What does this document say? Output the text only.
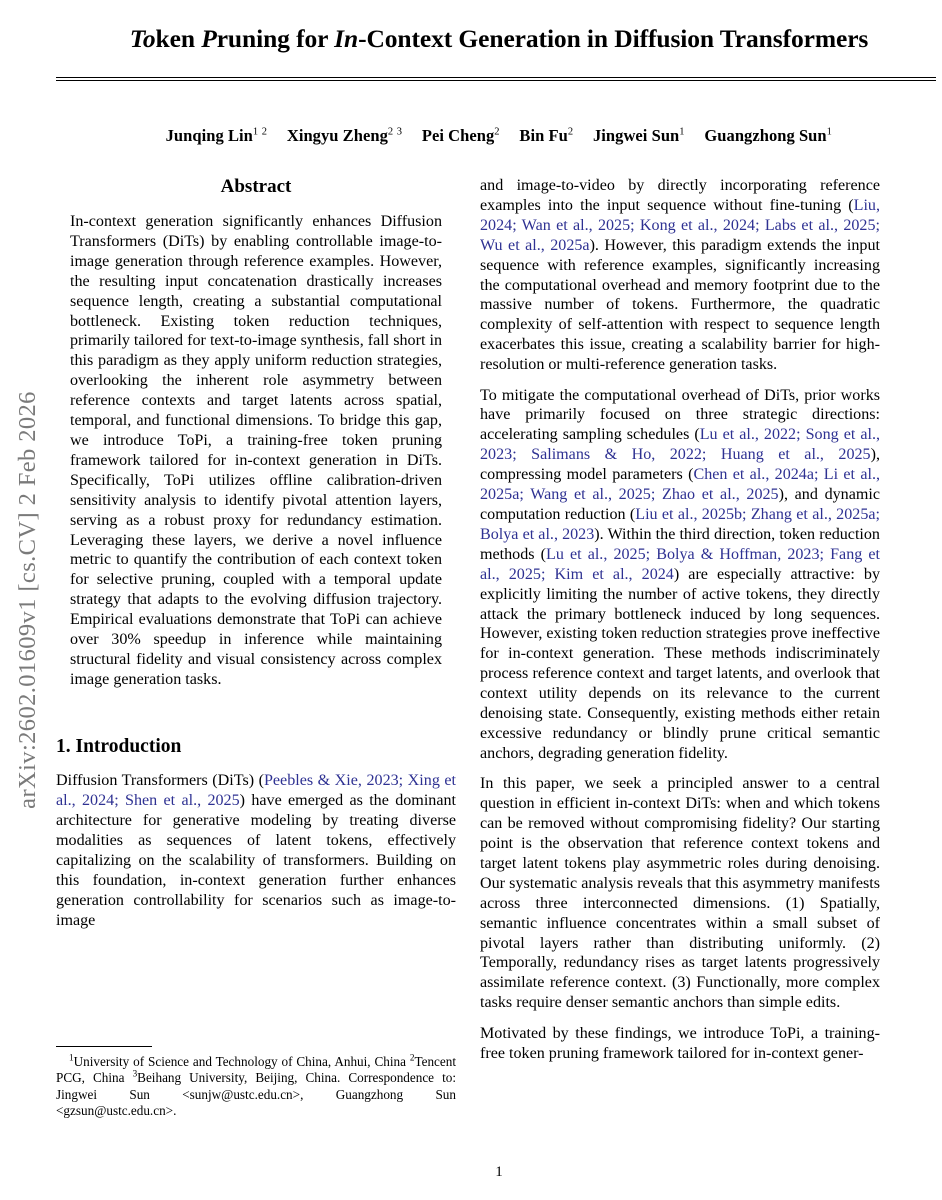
arXiv:2602.01609v1 [cs.CV] 2 Feb 2026
Token Pruning for In-Context Generation in Diffusion Transformers
Junqing Lin$^{1 2}$ Xingyu Zheng$^{2 3}$ Pei Cheng$^2$ Bin Fu$^2$ Jingwei Sun$^1$ Guangzhong Sun$^1$
Abstract

In-context generation significantly enhances Diffusion Transformers (DiTs) by enabling controllable image-to-image generation through reference examples. However, the resulting input concatenation drastically increases sequence length, creating a substantial computational bottleneck. Existing token reduction techniques, primarily tailored for text-to-image synthesis, fall short in this paradigm as they apply uniform reduction strategies, overlooking the inherent role asymmetry between reference contexts and target latents across spatial, temporal, and functional dimensions. To bridge this gap, we introduce ToPi, a training-free token pruning framework tailored for in-context generation in DiTs. Specifically, ToPi utilizes offline calibration-driven sensitivity analysis to identify pivotal attention layers, serving as a robust proxy for redundancy estimation. Leveraging these layers, we derive a novel influence metric to quantify the contribution of each context token for selective pruning, coupled with a temporal update strategy that adapts to the evolving diffusion trajectory. Empirical evaluations demonstrate that ToPi can achieve over 30% speedup in inference while maintaining structural fidelity and visual consistency across complex image generation tasks.

1. Introduction

Diffusion Transformers (DiTs) (Peebles & Xie, 2023; Xing et al., 2024; Shen et al., 2025) have emerged as the dominant architecture for generative modeling by treating diverse modalities as sequences of latent tokens, effectively capitalizing on the scalability of transformers. Building on this foundation, in-context generation further enhances generation controllability for scenarios such as image-to-image

and image-to-video by directly incorporating reference examples into the input sequence without fine-tuning (Liu, 2024; Wan et al., 2025; Kong et al., 2024; Labs et al., 2025; Wu et al., 2025a). However, this paradigm extends the input sequence with reference examples, significantly increasing the computational overhead and memory footprint due to the massive number of tokens. Furthermore, the quadratic complexity of self-attention with respect to sequence length exacerbates this issue, creating a scalability barrier for high-resolution or multi-reference generation tasks.

To mitigate the computational overhead of DiTs, prior works have primarily focused on three strategic directions: accelerating sampling schedules (Lu et al., 2022; Song et al., 2023; Salimans & Ho, 2022; Huang et al., 2025), compressing model parameters (Chen et al., 2024a; Li et al., 2025a; Wang et al., 2025; Zhao et al., 2025), and dynamic computation reduction (Liu et al., 2025b; Zhang et al., 2025a; Bolya et al., 2023). Within the third direction, token reduction methods (Lu et al., 2025; Bolya & Hoffman, 2023; Fang et al., 2025; Kim et al., 2024) are especially attractive: by explicitly limiting the number of active tokens, they directly attack the primary bottleneck induced by long sequences. However, existing token reduction strategies prove ineffective for in-context generation. These methods indiscriminately process reference context and target latents, and overlook that context utility depends on its relevance to the current denoising state. Consequently, existing methods either retain excessive redundancy or blindly prune critical semantic anchors, degrading generation fidelity.

In this paper, we seek a principled answer to a central question in efficient in-context DiTs: when and which tokens can be removed without compromising fidelity? Our starting point is the observation that reference context tokens and target latent tokens play asymmetric roles during denoising. Our systematic analysis reveals that this asymmetry manifests across three interconnected dimensions. (1) Spatially, semantic influence concentrates within a small subset of pivotal layers rather than distributing uniformly. (2) Temporally, redundancy rises as target latents progressively assimilate reference context. (3) Functionally, more complex tasks require denser semantic anchors than simple edits.

Motivated by these findings, we introduce ToPi, a training-free token pruning framework tailored for in-context gener-

$^1$University of Science and Technology of China, Anhui, China $^2$Tencent PCG, China $^3$Beihang University, Beijing, China. Correspondence to: Jingwei Sun <sunjw@ustc.edu.cn>, Guangzhong Sun <gzsun@ustc.edu.cn>.

1
